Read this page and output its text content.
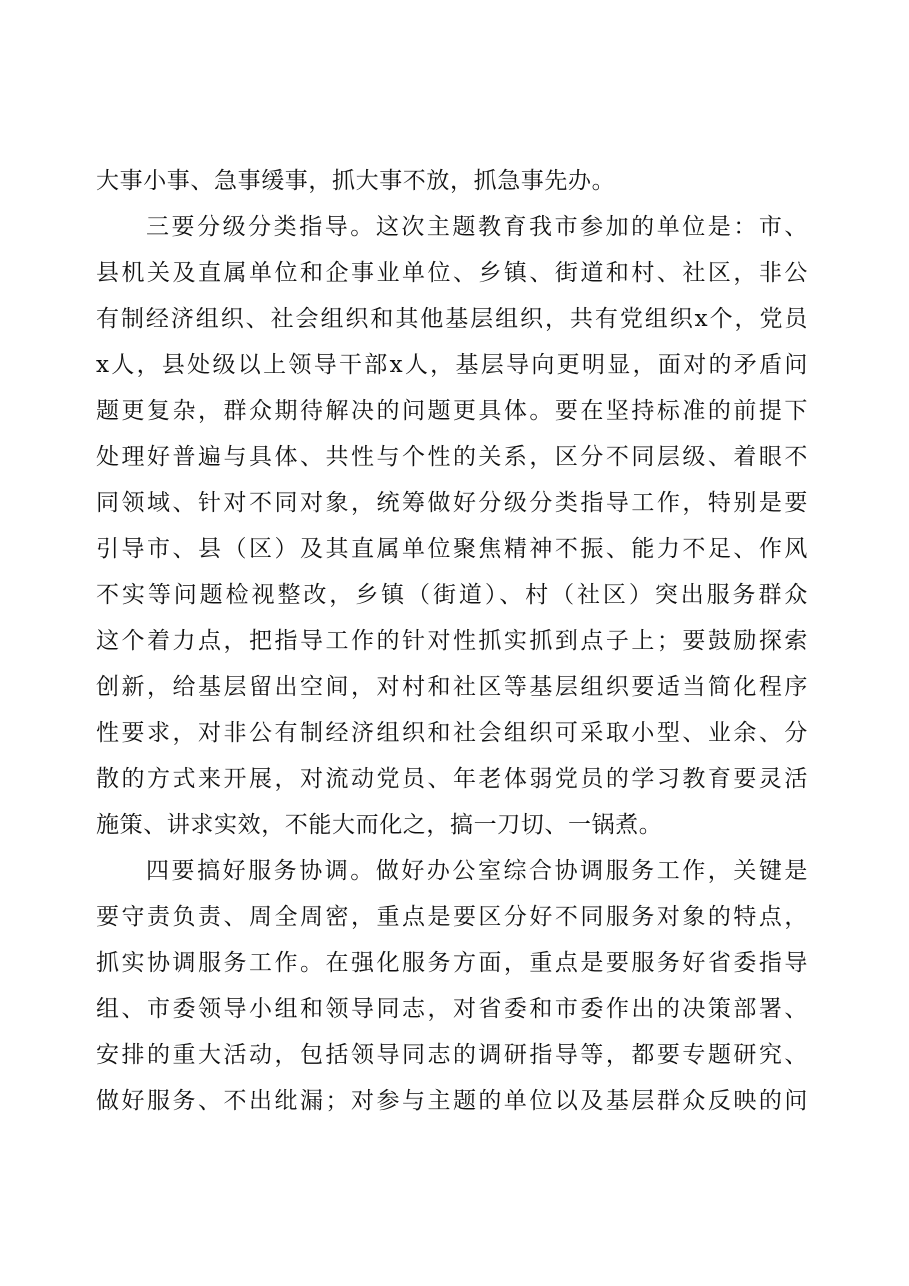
大事小事、急事缓事，抓大事不放，抓急事先办。
三要分级分类指导。这次主题教育我市参加的单位是：市、
县机关及直属单位和企事业单位、乡镇、街道和村、社区，非公
有制经济组织、社会组织和其他基层组织，共有党组织x个，党员
x人，县处级以上领导干部x人，基层导向更明显，面对的矛盾问
题更复杂，群众期待解决的问题更具体。要在坚持标准的前提下
处理好普遍与具体、共性与个性的关系，区分不同层级、着眼不
同领域、针对不同对象，统筹做好分级分类指导工作，特别是要
引导市、县（区）及其直属单位聚焦精神不振、能力不足、作风
不实等问题检视整改，乡镇（街道）、村（社区）突出服务群众
这个着力点，把指导工作的针对性抓实抓到点子上；要鼓励探索
创新，给基层留出空间，对村和社区等基层组织要适当简化程序
性要求，对非公有制经济组织和社会组织可采取小型、业余、分
散的方式来开展，对流动党员、年老体弱党员的学习教育要灵活
施策、讲求实效，不能大而化之，搞一刀切、一锅煮。
四要搞好服务协调。做好办公室综合协调服务工作，关键是
要守责负责、周全周密，重点是要区分好不同服务对象的特点，
抓实协调服务工作。在强化服务方面，重点是要服务好省委指导
组、市委领导小组和领导同志，对省委和市委作出的决策部署、
安排的重大活动，包括领导同志的调研指导等，都要专题研究、
做好服务、不出纰漏；对参与主题的单位以及基层群众反映的问
